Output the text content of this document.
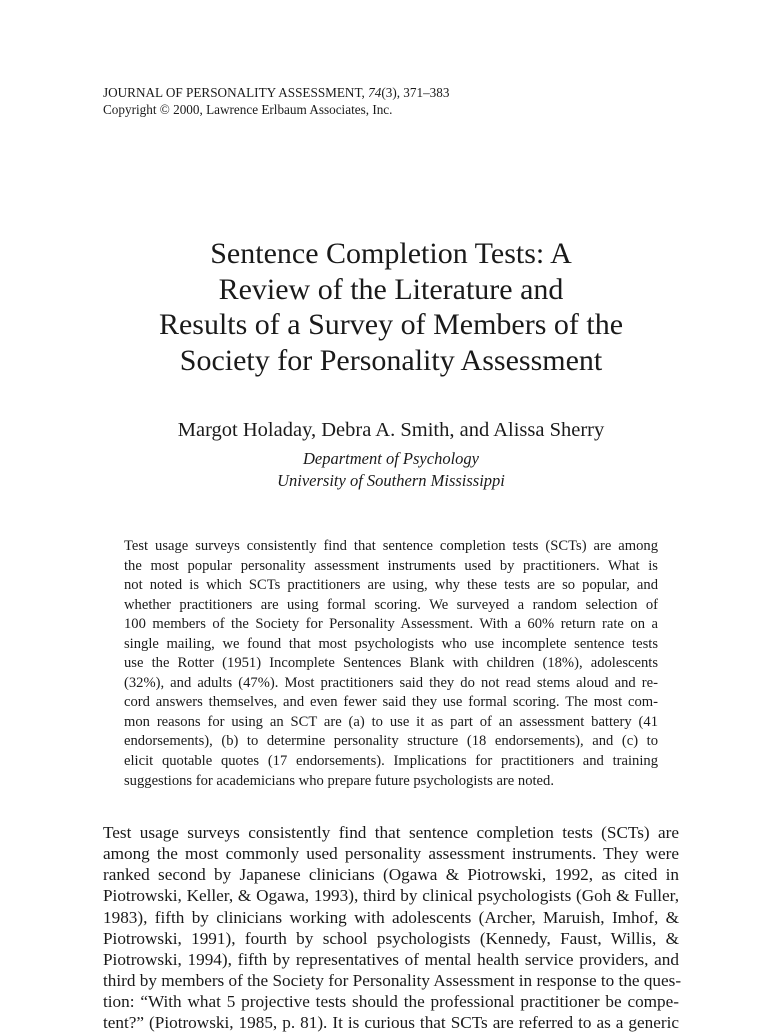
JOURNAL OF PERSONALITY ASSESSMENT, 74(3), 371–383
Copyright © 2000, Lawrence Erlbaum Associates, Inc.
Sentence Completion Tests: A
Review of the Literature and
Results of a Survey of Members of the
Society for Personality Assessment
Margot Holaday, Debra A. Smith, and Alissa Sherry
Department of Psychology
University of Southern Mississippi
Test usage surveys consistently find that sentence completion tests (SCTs) are among
the most popular personality assessment instruments used by practitioners. What is
not noted is which SCTs practitioners are using, why these tests are so popular, and
whether practitioners are using formal scoring. We surveyed a random selection of
100 members of the Society for Personality Assessment. With a 60% return rate on a
single mailing, we found that most psychologists who use incomplete sentence tests
use the Rotter (1951) Incomplete Sentences Blank with children (18%), adolescents
(32%), and adults (47%). Most practitioners said they do not read stems aloud and re-
cord answers themselves, and even fewer said they use formal scoring. The most com-
mon reasons for using an SCT are (a) to use it as part of an assessment battery (41
endorsements), (b) to determine personality structure (18 endorsements), and (c) to
elicit quotable quotes (17 endorsements). Implications for practitioners and training
suggestions for academicians who prepare future psychologists are noted.
Test usage surveys consistently find that sentence completion tests (SCTs) are
among the most commonly used personality assessment instruments. They were
ranked second by Japanese clinicians (Ogawa & Piotrowski, 1992, as cited in
Piotrowski, Keller, & Ogawa, 1993), third by clinical psychologists (Goh & Fuller,
1983), fifth by clinicians working with adolescents (Archer, Maruish, Imhof, &
Piotrowski, 1991), fourth by school psychologists (Kennedy, Faust, Willis, &
Piotrowski, 1994), fifth by representatives of mental health service providers, and
third by members of the Society for Personality Assessment in response to the ques-
tion: “With what 5 projective tests should the professional practitioner be compe-
tent?” (Piotrowski, 1985, p. 81). It is curious that SCTs are referred to as a generic
